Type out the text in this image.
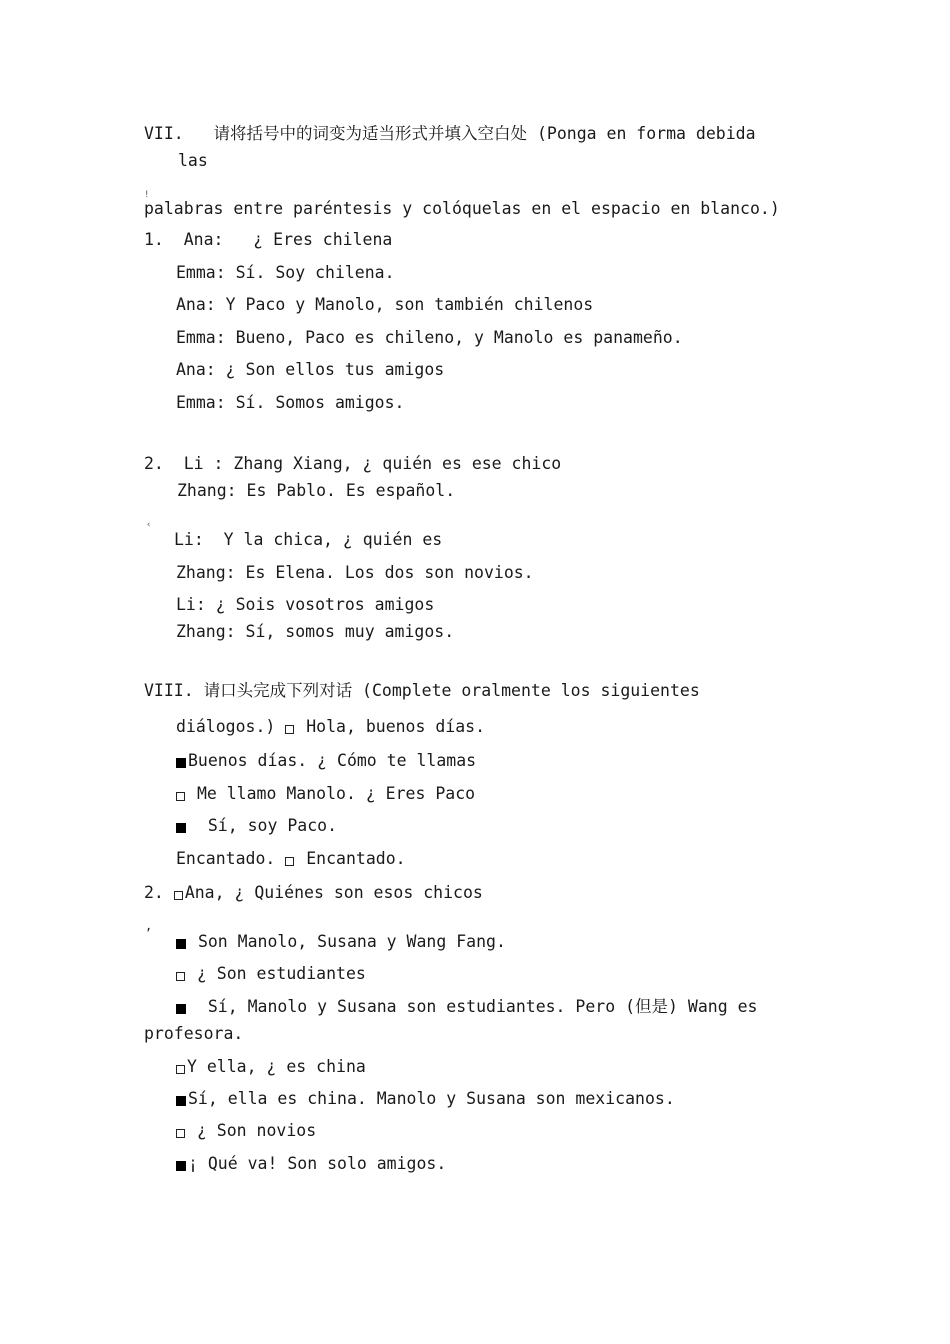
VII.   请将括号中的词变为适当形式并填入空白处 (Ponga en forma debida
las
!
palabras entre paréntesis y colóquelas en el espacio en blanco.)
1.  Ana:   ¿ Eres chilena
Emma: Sí. Soy chilena.
Ana: Y Paco y Manolo, son también chilenos
Emma: Bueno, Paco es chileno, y Manolo es panameño.
Ana: ¿ Son ellos tus amigos
Emma: Sí. Somos amigos.
2.  Li : Zhang Xiang, ¿ quién es ese chico
Zhang: Es Pablo. Es español.
‹
Li:  Y la chica, ¿ quién es
Zhang: Es Elena. Los dos son novios.
Li: ¿ Sois vosotros amigos
Zhang: Sí, somos muy amigos.
VIII. 请口头完成下列对话 (Complete oralmente los siguientes
diálogos.) Hola, buenos días.
Buenos días. ¿ Cómo te llamas
Me llamo Manolo. ¿ Eres Paco
Sí, soy Paco.
Encantado. Encantado.
2. Ana, ¿ Quiénes son esos chicos
,
Son Manolo, Susana y Wang Fang.
¿ Son estudiantes
Sí, Manolo y Susana son estudiantes. Pero (但是) Wang es
profesora.
Y ella, ¿ es china
Sí, ella es china. Manolo y Susana son mexicanos.
¿ Son novios
¡ Qué va! Son solo amigos.
